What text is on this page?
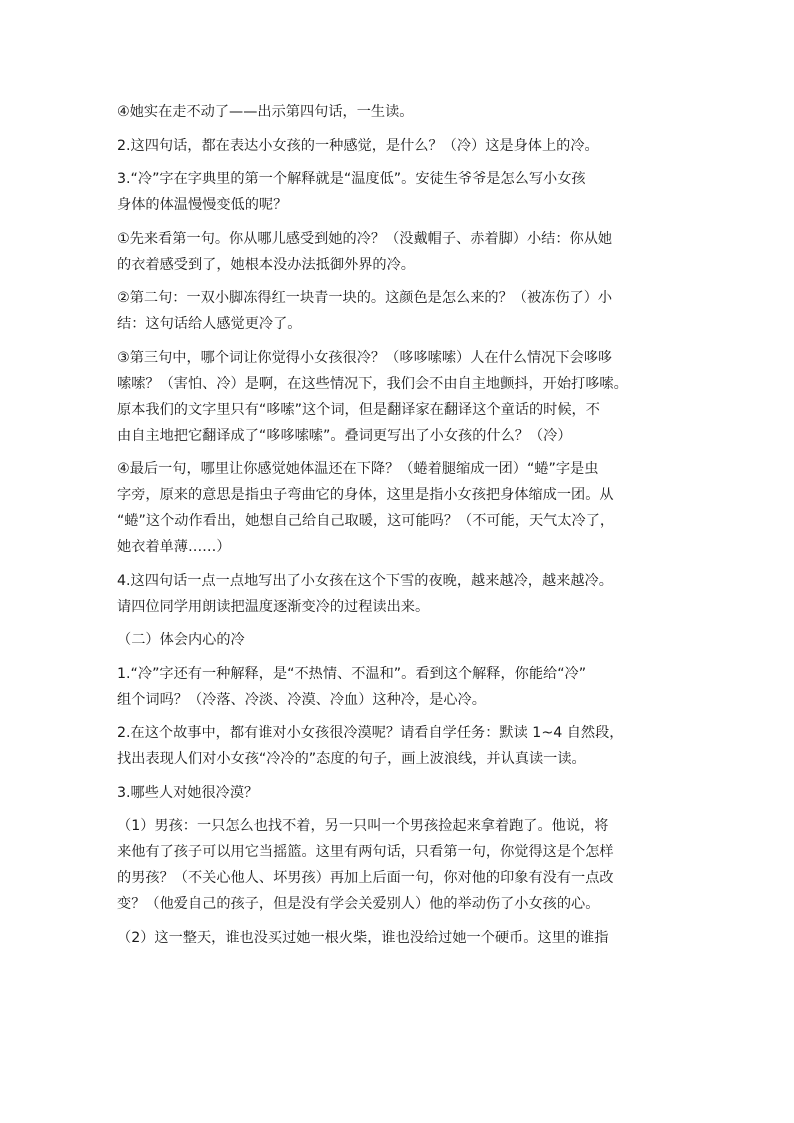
④她实在走不动了——出示第四句话，一生读。
2.这四句话，都在表达小女孩的一种感觉，是什么？（冷）这是身体上的冷。
3.“冷”字在字典里的第一个解释就是“温度低”。安徒生爷爷是怎么写小女孩
身体的体温慢慢变低的呢？
①先来看第一句。你从哪儿感受到她的冷？（没戴帽子、赤着脚）小结：你从她
的衣着感受到了，她根本没办法抵御外界的冷。
②第二句：一双小脚冻得红一块青一块的。这颜色是怎么来的？（被冻伤了）小
结：这句话给人感觉更冷了。
③第三句中，哪个词让你觉得小女孩很冷？（哆哆嗦嗦）人在什么情况下会哆哆
嗦嗦？（害怕、冷）是啊，在这些情况下，我们会不由自主地颤抖，开始打哆嗦。
原本我们的文字里只有“哆嗦”这个词，但是翻译家在翻译这个童话的时候，不
由自主地把它翻译成了“哆哆嗦嗦”。叠词更写出了小女孩的什么？（冷）
④最后一句，哪里让你感觉她体温还在下降？（蜷着腿缩成一团）“蜷”字是虫
字旁，原来的意思是指虫子弯曲它的身体，这里是指小女孩把身体缩成一团。从
“蜷”这个动作看出，她想自己给自己取暖，这可能吗？（不可能，天气太冷了，
她衣着单薄……）
4.这四句话一点一点地写出了小女孩在这个下雪的夜晚，越来越冷，越来越冷。
请四位同学用朗读把温度逐渐变冷的过程读出来。
（二）体会内心的冷
1.“冷”字还有一种解释，是“不热情、不温和”。看到这个解释，你能给“冷”
组个词吗？（冷落、冷淡、冷漠、冷血）这种冷，是心冷。
2.在这个故事中，都有谁对小女孩很冷漠呢？请看自学任务：默读 1~4 自然段，
找出表现人们对小女孩“冷冷的”态度的句子，画上波浪线，并认真读一读。
3.哪些人对她很冷漠？
（1）男孩：一只怎么也找不着，另一只叫一个男孩捡起来拿着跑了。他说，将
来他有了孩子可以用它当摇篮。这里有两句话，只看第一句，你觉得这是个怎样
的男孩？（不关心他人、坏男孩）再加上后面一句，你对他的印象有没有一点改
变？（他爱自己的孩子，但是没有学会关爱别人）他的举动伤了小女孩的心。
（2）这一整天，谁也没买过她一根火柴，谁也没给过她一个硬币。这里的谁指
